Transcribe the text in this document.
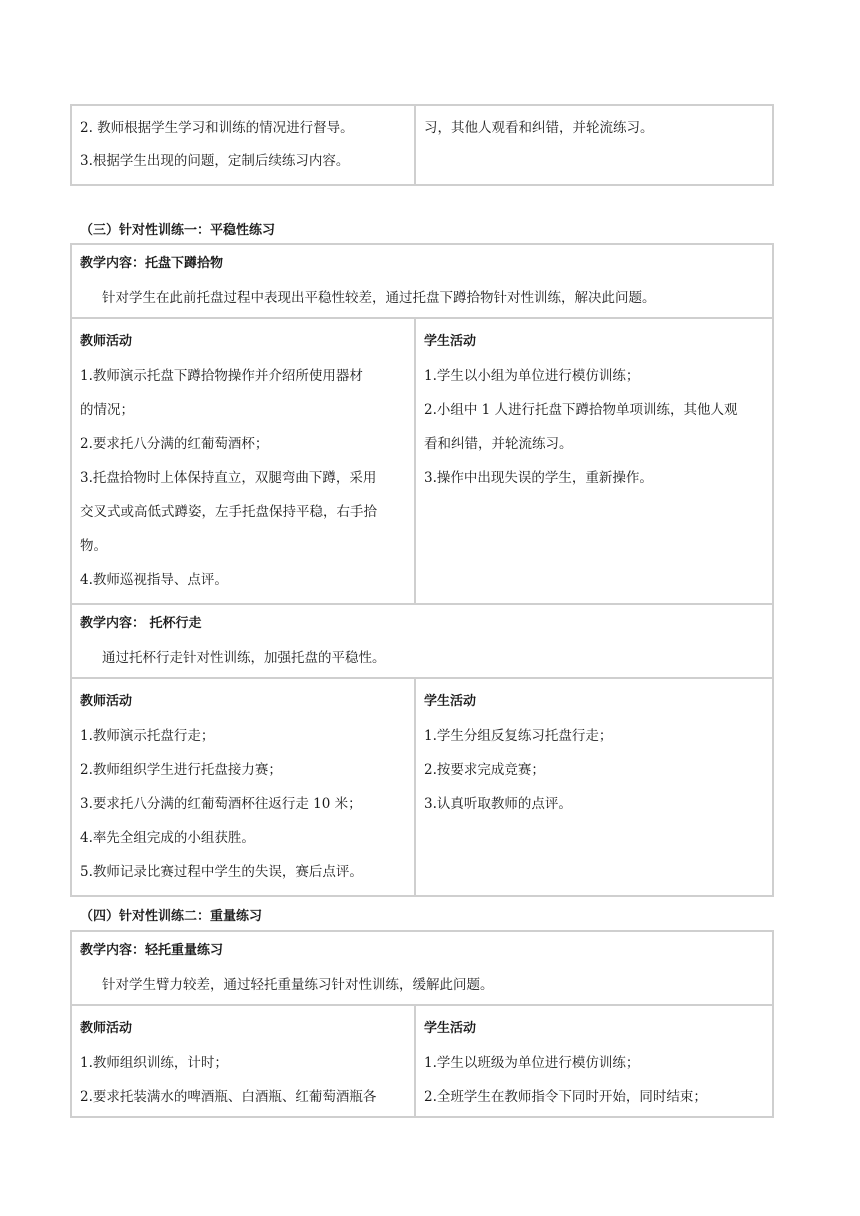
2. 教师根据学生学习和训练的情况进行督导。
3.根据学生出现的问题，定制后续练习内容。
习，其他人观看和纠错，并轮流练习。
（三）针对性训练一：平稳性练习
教学内容：托盘下蹲拾物
针对学生在此前托盘过程中表现出平稳性较差，通过托盘下蹲拾物针对性训练，解决此问题。
教师活动
1.教师演示托盘下蹲拾物操作并介绍所使用器材
的情况；
2.要求托八分满的红葡萄酒杯；
3.托盘拾物时上体保持直立，双腿弯曲下蹲，采用
交叉式或高低式蹲姿，左手托盘保持平稳，右手拾
物。
4.教师巡视指导、点评。
学生活动
1.学生以小组为单位进行模仿训练；
2.小组中 1 人进行托盘下蹲拾物单项训练，其他人观
看和纠错，并轮流练习。
3.操作中出现失误的学生，重新操作。
教学内容： 托杯行走
通过托杯行走针对性训练，加强托盘的平稳性。
教师活动
1.教师演示托盘行走；
2.教师组织学生进行托盘接力赛；
3.要求托八分满的红葡萄酒杯往返行走 10 米；
4.率先全组完成的小组获胜。
5.教师记录比赛过程中学生的失误，赛后点评。
学生活动
1.学生分组反复练习托盘行走；
2.按要求完成竞赛；
3.认真听取教师的点评。
（四）针对性训练二：重量练习
教学内容：轻托重量练习
针对学生臂力较差，通过轻托重量练习针对性训练，缓解此问题。
教师活动
1.教师组织训练，计时；
2.要求托装满水的啤酒瓶、白酒瓶、红葡萄酒瓶各
学生活动
1.学生以班级为单位进行模仿训练；
2.全班学生在教师指令下同时开始，同时结束；
